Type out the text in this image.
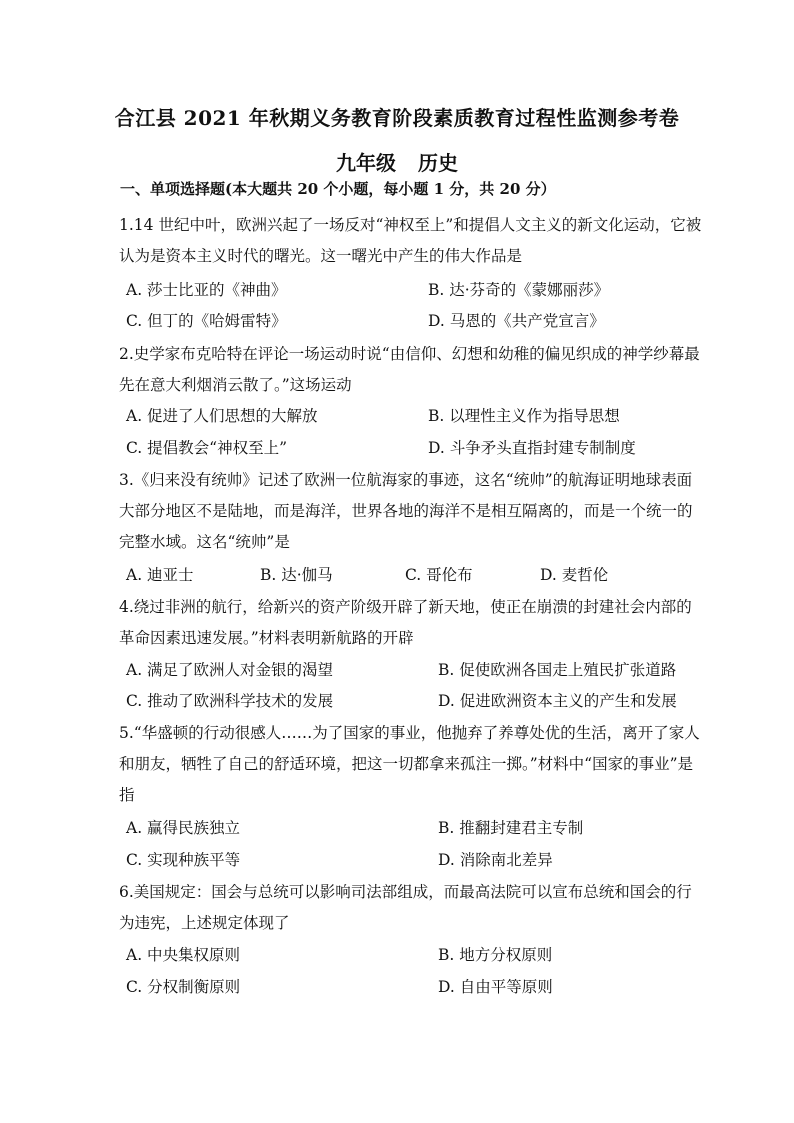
合江县 2021 年秋期义务教育阶段素质教育过程性监测参考卷
九年级 历史
一、单项选择题(本大题共 20 个小题，每小题 1 分，共 20 分）
1.14 世纪中叶，欧洲兴起了一场反对“神权至上”和提倡人文主义的新文化运动，它被认为是资本主义时代的曙光。这一曙光中产生的伟大作品是
A. 莎士比亚的《神曲》	B. 达·芬奇的《蒙娜丽莎》
C. 但丁的《哈姆雷特》	D. 马恩的《共产党宣言》
2.史学家布克哈特在评论一场运动时说“由信仰、幻想和幼稚的偏见织成的神学纱幕最先在意大利烟消云散了。”这场运动
A. 促进了人们思想的大解放	B. 以理性主义作为指导思想
C. 提倡教会“神权至上”	D. 斗争矛头直指封建专制制度
3.《归来没有统帅》记述了欧洲一位航海家的事迹，这名“统帅”的航海证明地球表面大部分地区不是陆地，而是海洋，世界各地的海洋不是相互隔离的，而是一个统一的完整水域。这名“统帅”是
A. 迪亚士	B. 达·伽马	C. 哥伦布	D. 麦哲伦
4.绕过非洲的航行，给新兴的资产阶级开辟了新天地，使正在崩溃的封建社会内部的革命因素迅速发展。”材料表明新航路的开辟
A. 满足了欧洲人对金银的渴望	B. 促使欧洲各国走上殖民扩张道路
C. 推动了欧洲科学技术的发展	D. 促进欧洲资本主义的产生和发展
5.“华盛顿的行动很感人……为了国家的事业，他抛弃了养尊处优的生活，离开了家人和朋友，牺牲了自己的舒适环境，把这一切都拿来孤注一掷。”材料中“国家的事业”是指
A. 赢得民族独立	B. 推翻封建君主专制
C. 实现种族平等	D. 消除南北差异
6.美国规定：国会与总统可以影响司法部组成，而最高法院可以宣布总统和国会的行为违宪，上述规定体现了
A. 中央集权原则	B. 地方分权原则
C. 分权制衡原则	D. 自由平等原则
